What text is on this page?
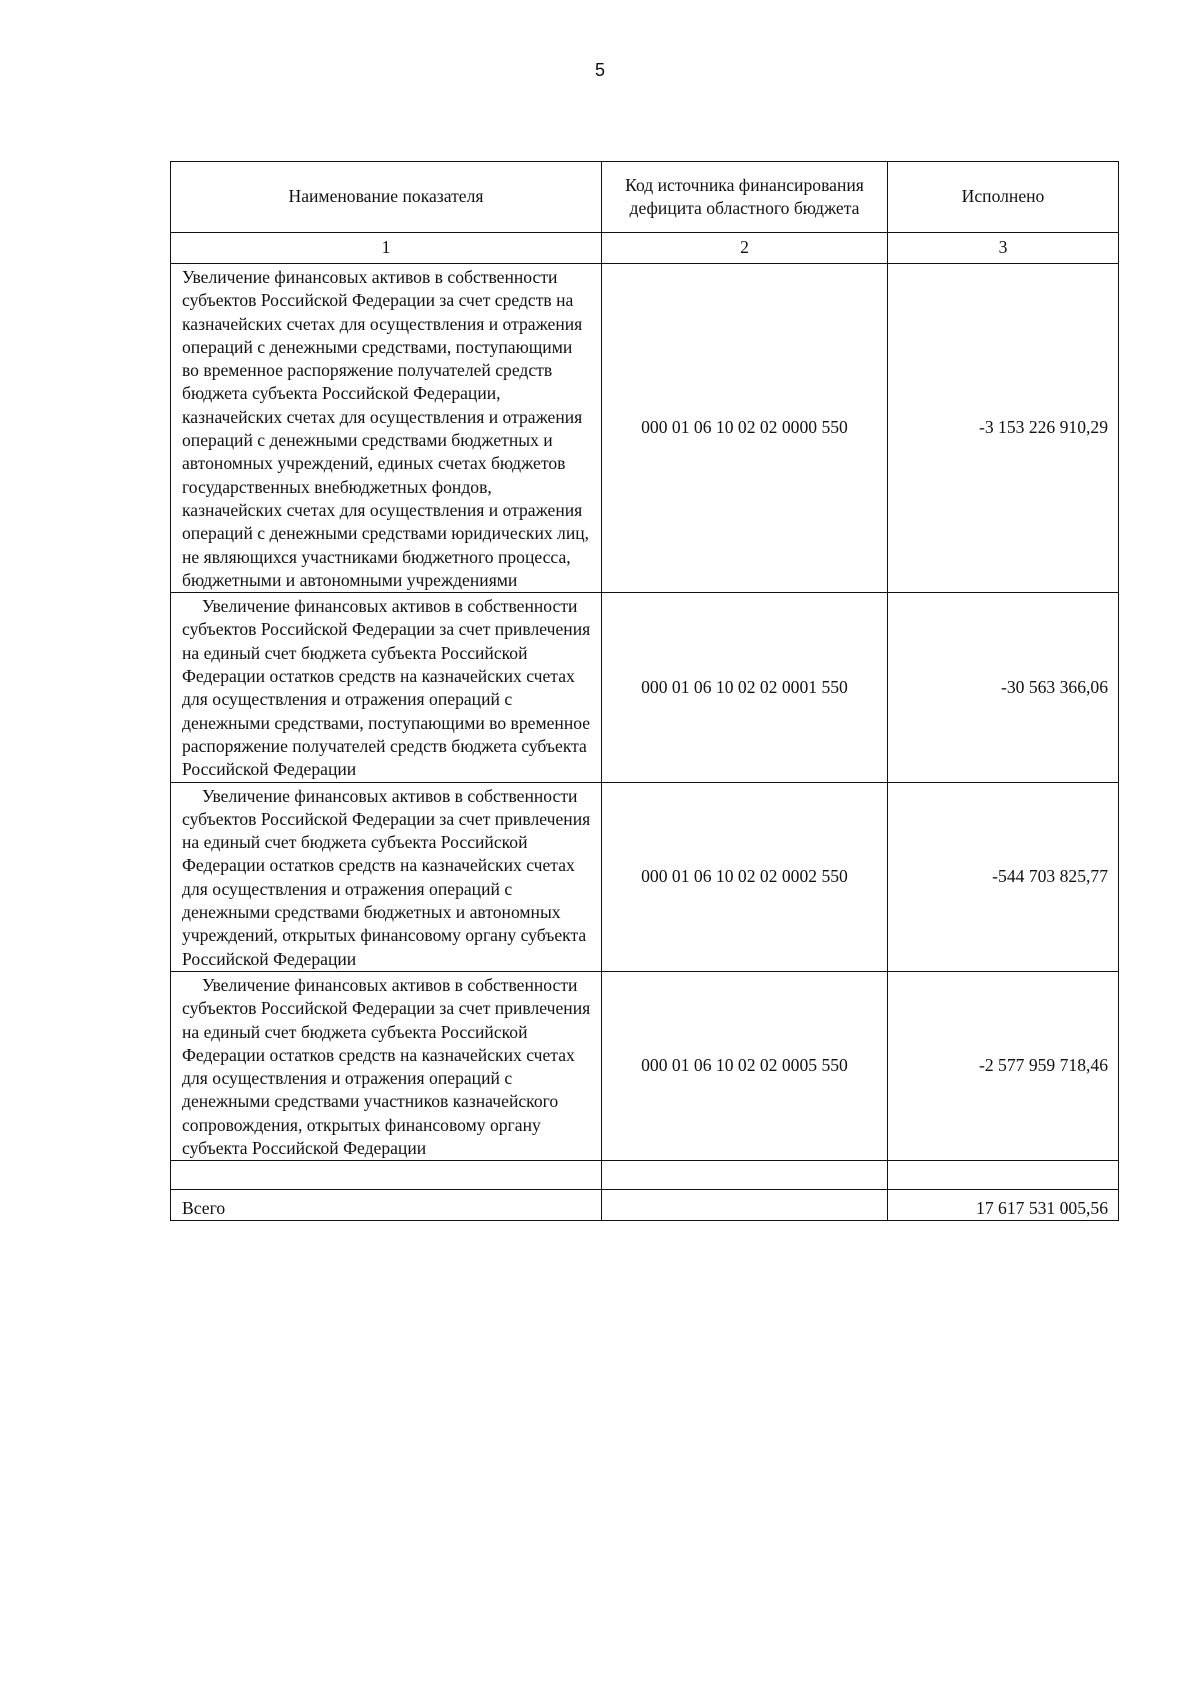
5
Наименование показателя	Код источника финансирования дефицита областного бюджета	Исполнено
1	2	3
Увеличение финансовых активов в собственности субъектов Российской Федерации за счет средств на казначейских счетах для осуществления и отражения операций с денежными средствами, поступающими во временное распоряжение получателей средств бюджета субъекта Российской Федерации, казначейских счетах для осуществления и отражения операций с денежными средствами бюджетных и автономных учреждений, единых счетах бюджетов государственных внебюджетных фондов, казначейских счетах для осуществления и отражения операций с денежными средствами юридических лиц, не являющихся участниками бюджетного процесса, бюджетными и автономными учреждениями	000 01 06 10 02 02 0000 550	-3 153 226 910,29
Увеличение финансовых активов в собственности субъектов Российской Федерации за счет привлечения на единый счет бюджета субъекта Российской Федерации остатков средств на казначейских счетах для осуществления и отражения операций с денежными средствами, поступающими во временное распоряжение получателей средств бюджета субъекта Российской Федерации	000 01 06 10 02 02 0001 550	-30 563 366,06
Увеличение финансовых активов в собственности субъектов Российской Федерации за счет привлечения на единый счет бюджета субъекта Российской Федерации остатков средств на казначейских счетах для осуществления и отражения операций с денежными средствами бюджетных и автономных учреждений, открытых финансовому органу субъекта Российской Федерации	000 01 06 10 02 02 0002 550	-544 703 825,77
Увеличение финансовых активов в собственности субъектов Российской Федерации за счет привлечения на единый счет бюджета субъекта Российской Федерации остатков средств на казначейских счетах для осуществления и отражения операций с денежными средствами участников казначейского сопровождения, открытых финансовому органу субъекта Российской Федерации	000 01 06 10 02 02 0005 550	-2 577 959 718,46

Всего		17 617 531 005,56
